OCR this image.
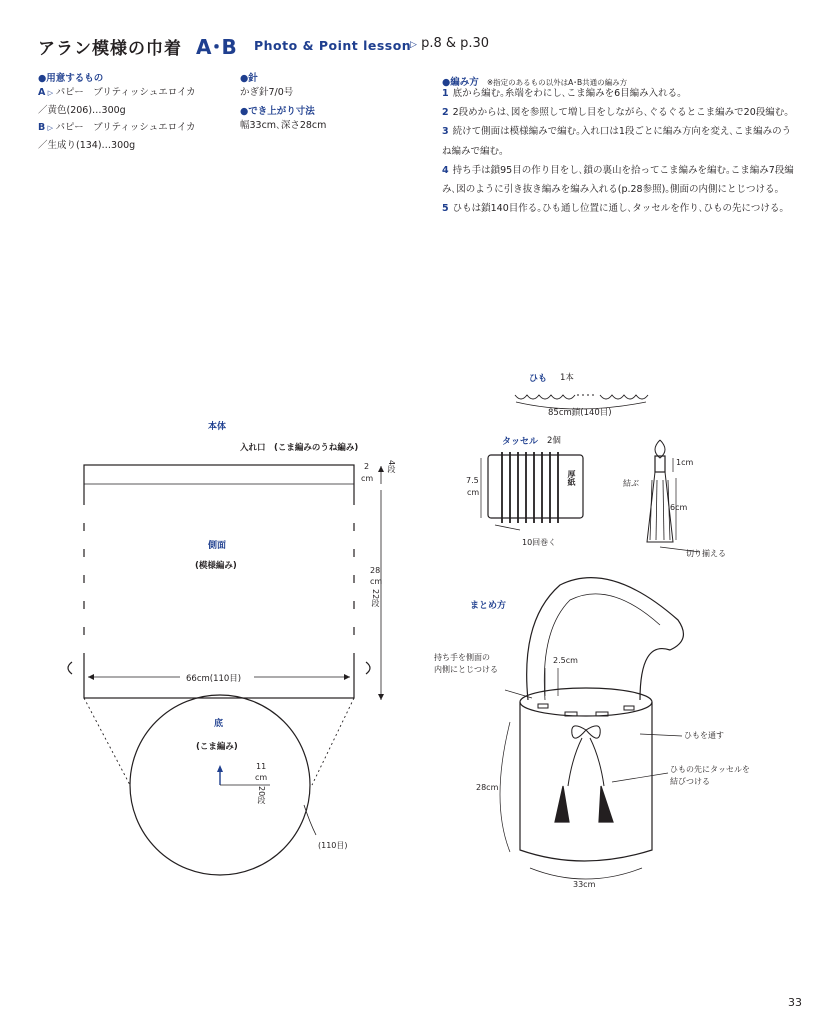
アラン模様の巾着 A･B Photo & Point lesson
▷ p.8 & p.30
●用意するもの
A ▷ パピー　ブリティッシュエロイカ
／黄色(206)…300g
B ▷ パピー　ブリティッシュエロイカ
／生成り(134)…300g
●針
かぎ針7/0号
●でき上がり寸法
幅33cm､深さ28cm
●編み方 ※指定のあるもの以外はA･B共通の編み方
1 底から編む｡糸端をわにし､こま編みを6目編み入れる｡
2 2段めからは､図を参照して増し目をしながら､ぐるぐるとこま編みで20段編む｡
3 続けて側面は模様編みで編む｡入れ口は1段ごとに編み方向を変え､こま編みのうね編みで編む｡
4 持ち手は鎖95目の作り目をし､鎖の裏山を拾ってこま編みを編む｡こま編み7段編み､図のように引き抜き編みを編み入れる(p.28参照)｡側面の内側にとじつける｡
5 ひもは鎖140目作る｡ひも通し位置に通し､タッセルを作り､ひもの先につける｡
本体
入れ口　(こま編みのうね編み)
側面
(模様編み)
66cm(110目)
2
cm
4段
28
cm
22段
底
(こま編み)
11
cm
20段
(110目)
ひも 1本
85cm鎖(140目)
タッセル 2個
7.5
cm
厚紙
10回巻く
結ぶ
1cm
6cm
切り揃える
まとめ方
持ち手を側面の
内側にとじつける
2.5cm
ひもを通す
ひもの先にタッセルを
結びつける
28cm
33cm
33
